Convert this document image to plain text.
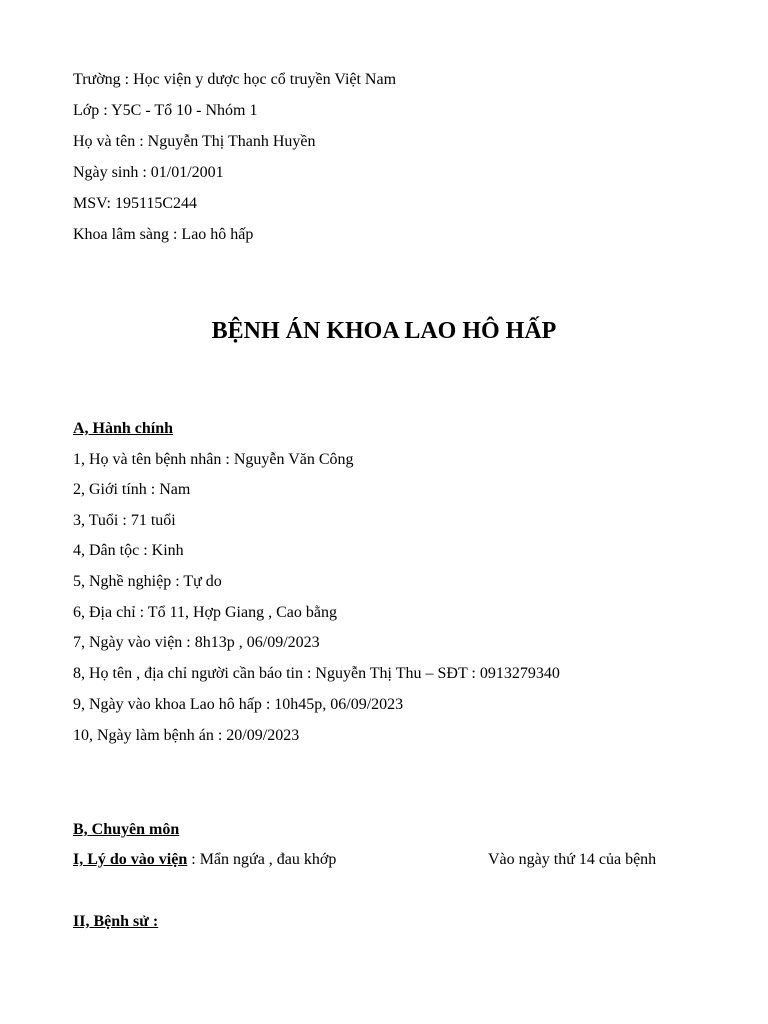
Trường : Học viện y dược học cổ truyền Việt Nam
Lớp : Y5C - Tổ 10 - Nhóm 1
Họ và tên : Nguyễn Thị Thanh Huyền
Ngày sinh : 01/01/2001
MSV: 195115C244
Khoa lâm sàng : Lao hô hấp
BỆNH ÁN KHOA LAO HÔ HẤP
A, Hành chính
1, Họ và tên bệnh nhân : Nguyễn Văn Công
2, Giới tính : Nam
3, Tuổi : 71 tuổi
4, Dân tộc : Kinh
5, Nghề nghiệp : Tự do
6, Địa chỉ : Tổ 11, Hợp Giang , Cao bằng
7, Ngày vào viện : 8h13p , 06/09/2023
8, Họ tên , địa chỉ người cần báo tin : Nguyễn Thị Thu – SĐT : 0913279340
9, Ngày vào khoa Lao hô hấp : 10h45p, 06/09/2023
10, Ngày làm bệnh án : 20/09/2023
B, Chuyên môn
I, Lý do vào viện : Mẩn ngứa , đau khớp	Vào ngày thứ 14 của bệnh
II, Bệnh sử :
